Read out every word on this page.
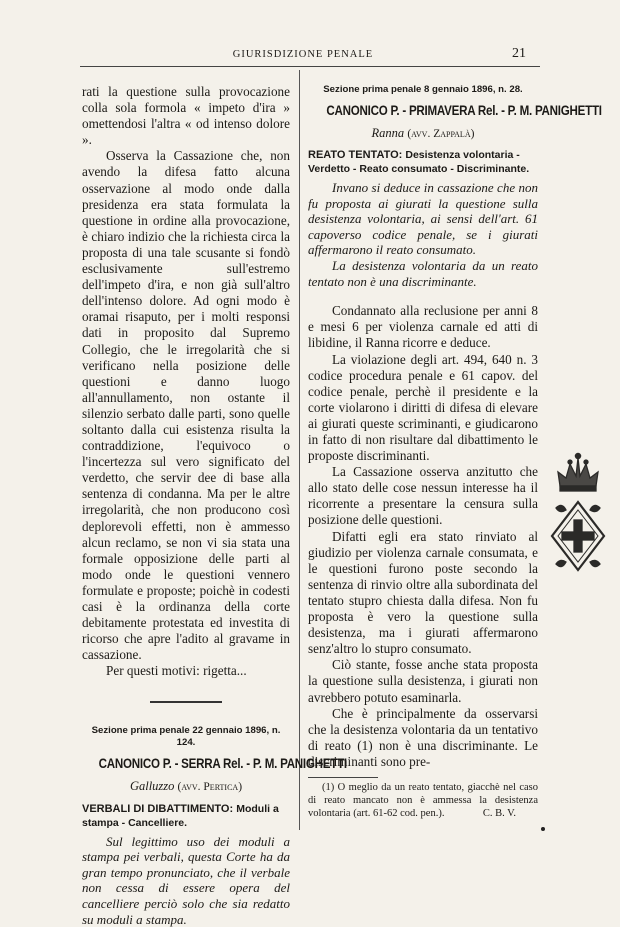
GIURISDIZIONE PENALE	21

rati la questione sulla provocazione colla sola formola « impeto d'ira » omettendosi l'altra « od intenso dolore ».

Osserva la Cassazione che, non avendo la difesa fatto alcuna osservazione al modo onde dalla presidenza era stata formulata la questione in ordine alla provocazione, è chiaro indizio che la richiesta circa la proposta di una tale scusante si fondò esclusivamente sull'estremo dell'impeto d'ira, e non già sull'altro dell'intenso dolore. Ad ogni modo è oramai risaputo, per i molti responsi dati in proposito dal Supremo Collegio, che le irregolarità che si verificano nella posizione delle questioni e danno luogo all'annullamento, non ostante il silenzio serbato dalle parti, sono quelle soltanto dalla cui esistenza risulta la contraddizione, l'equivoco o l'incertezza sul vero significato del verdetto, che servir dee di base alla sentenza di condanna. Ma per le altre irregolarità, che non producono così deplorevoli effetti, non è ammesso alcun reclamo, se non vi sia stata una formale opposizione delle parti al modo onde le questioni vennero formulate e proposte; poichè in codesti casi è la ordinanza della corte debitamente protestata ed investita di ricorso che apre l'adito al gravame in cassazione.

Per questi motivi: rigetta...

Sezione prima penale 22 gennaio 1896, n. 124.
CANONICO P. - SERRA Rel. - P. M. PANIGHETTI
Galluzzo (avv. Pertica)
VERBALI DI DIBATTIMENTO: Moduli a stampa - Cancelliere.

Sul legittimo uso dei moduli a stampa pei verbali, questa Corte ha da gran tempo pronunciato, che il verbale non cessa di essere opera del cancelliere perciò solo che sia redatto su moduli a stampa.

Sezione prima penale 8 gennaio 1896, n. 28.
CANONICO P. - PRIMAVERA Rel. - P. M. PANIGHETTI
Ranna (avv. Zappalà)
REATO TENTATO: Desistenza volontaria - Verdetto - Reato consumato - Discriminante.

Invano si deduce in cassazione che non fu proposta ai giurati la questione sulla desistenza volontaria, ai sensi dell'art. 61 capoverso codice penale, se i giurati affermarono il reato consumato.

La desistenza volontaria da un reato tentato non è una discriminante.

Condannato alla reclusione per anni 8 e mesi 6 per violenza carnale ed atti di libidine, il Ranna ricorre e deduce.

La violazione degli art. 494, 640 n. 3 codice procedura penale e 61 capov. del codice penale, perchè il presidente e la corte violarono i diritti di difesa di elevare ai giurati queste scriminanti, e giudicarono in fatto di non risultare dal dibattimento le proposte discriminanti.

La Cassazione osserva anzitutto che allo stato delle cose nessun interesse ha il ricorrente a presentare la censura sulla posizione delle questioni.

Difatti egli era stato rinviato al giudizio per violenza carnale consumata, e le questioni furono poste secondo la sentenza di rinvio oltre alla subordinata del tentato stupro chiesta dalla difesa. Non fu proposta è vero la questione sulla desistenza, ma i giurati affermarono senz'altro lo stupro consumato.

Ciò stante, fosse anche stata proposta la questione sulla desistenza, i giurati non avrebbero potuto esaminarla.

Che è principalmente da osservarsi che la desistenza volontaria da un tentativo di reato (1) non è una discriminante. Le discriminanti sono pre-

(1) O meglio da un reato tentato, giacchè nel caso di reato mancato non è ammessa la desistenza volontaria (art. 61-62 cod. pen.).	C. B. V.
